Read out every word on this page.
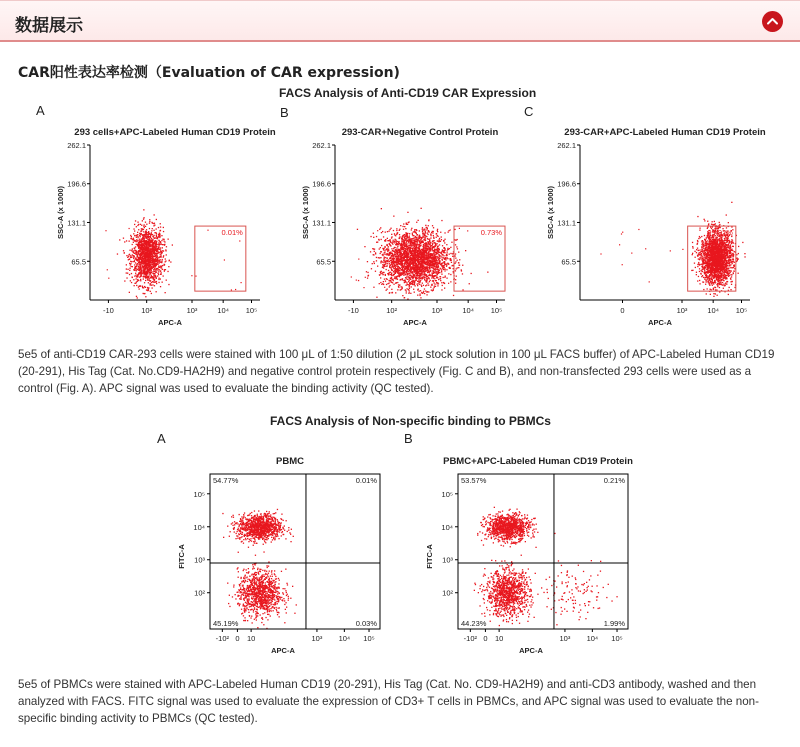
数据展示
CAR阳性表达率检测（Evaluation of CAR expression)
FACS Analysis of Anti-CD19 CAR Expression
A	B	C
293 cells+APC-Labeled Human CD19 Protein
0.01%
65.5
131.1
196.6
262.1
-10	10²	10³	10⁴ 10⁵
APC-A
SSC-A (x 1000)
293-CAR+Negative Control Protein
0.73%
65.5
131.1
196.6
262.1
-10	10²	10³	10⁴ 10⁵
APC-A
SSC-A (x 1000)
293-CAR+APC-Labeled Human CD19 Protein
99.92%
65.5
131.1
196.6
262.1
0	10³	10⁴ 10⁵
APC-A
SSC-A (x 1000)
5e5 of anti-CD19 CAR-293 cells were stained with 100 μL of 1:50 dilution (2 μL stock solution in 100 μL FACS buffer) of APC-Labeled Human CD19 (20-291), His Tag (Cat. No.CD9-HA2H9) and negative control protein respectively (Fig. C and B), and non-transfected 293 cells were used as a control (Fig. A). APC signal was used to evaluate the binding activity (QC tested).
FACS Analysis of Non-specific binding to PBMCs
A	B
PBMC
54.77%	0.01%
45.19%	0.03%
10²
10³
10⁴
10⁵
-10² 0 10	10³ 10⁴ 10⁵
APC-A
FITC-A
PBMC+APC-Labeled Human CD19 Protein
53.57%	0.21%
44.23%	1.99%
10²
10³
10⁴
10⁵
-10² 0 10	10³ 10⁴ 10⁵
APC-A
FITC-A
5e5 of PBMCs were stained with APC-Labeled Human CD19 (20-291), His Tag (Cat. No. CD9-HA2H9) and anti-CD3 antibody, washed and then analyzed with FACS. FITC signal was used to evaluate the expression of CD3+ T cells in PBMCs, and APC signal was used to evaluate the non-specific binding activity to PBMCs (QC tested).
